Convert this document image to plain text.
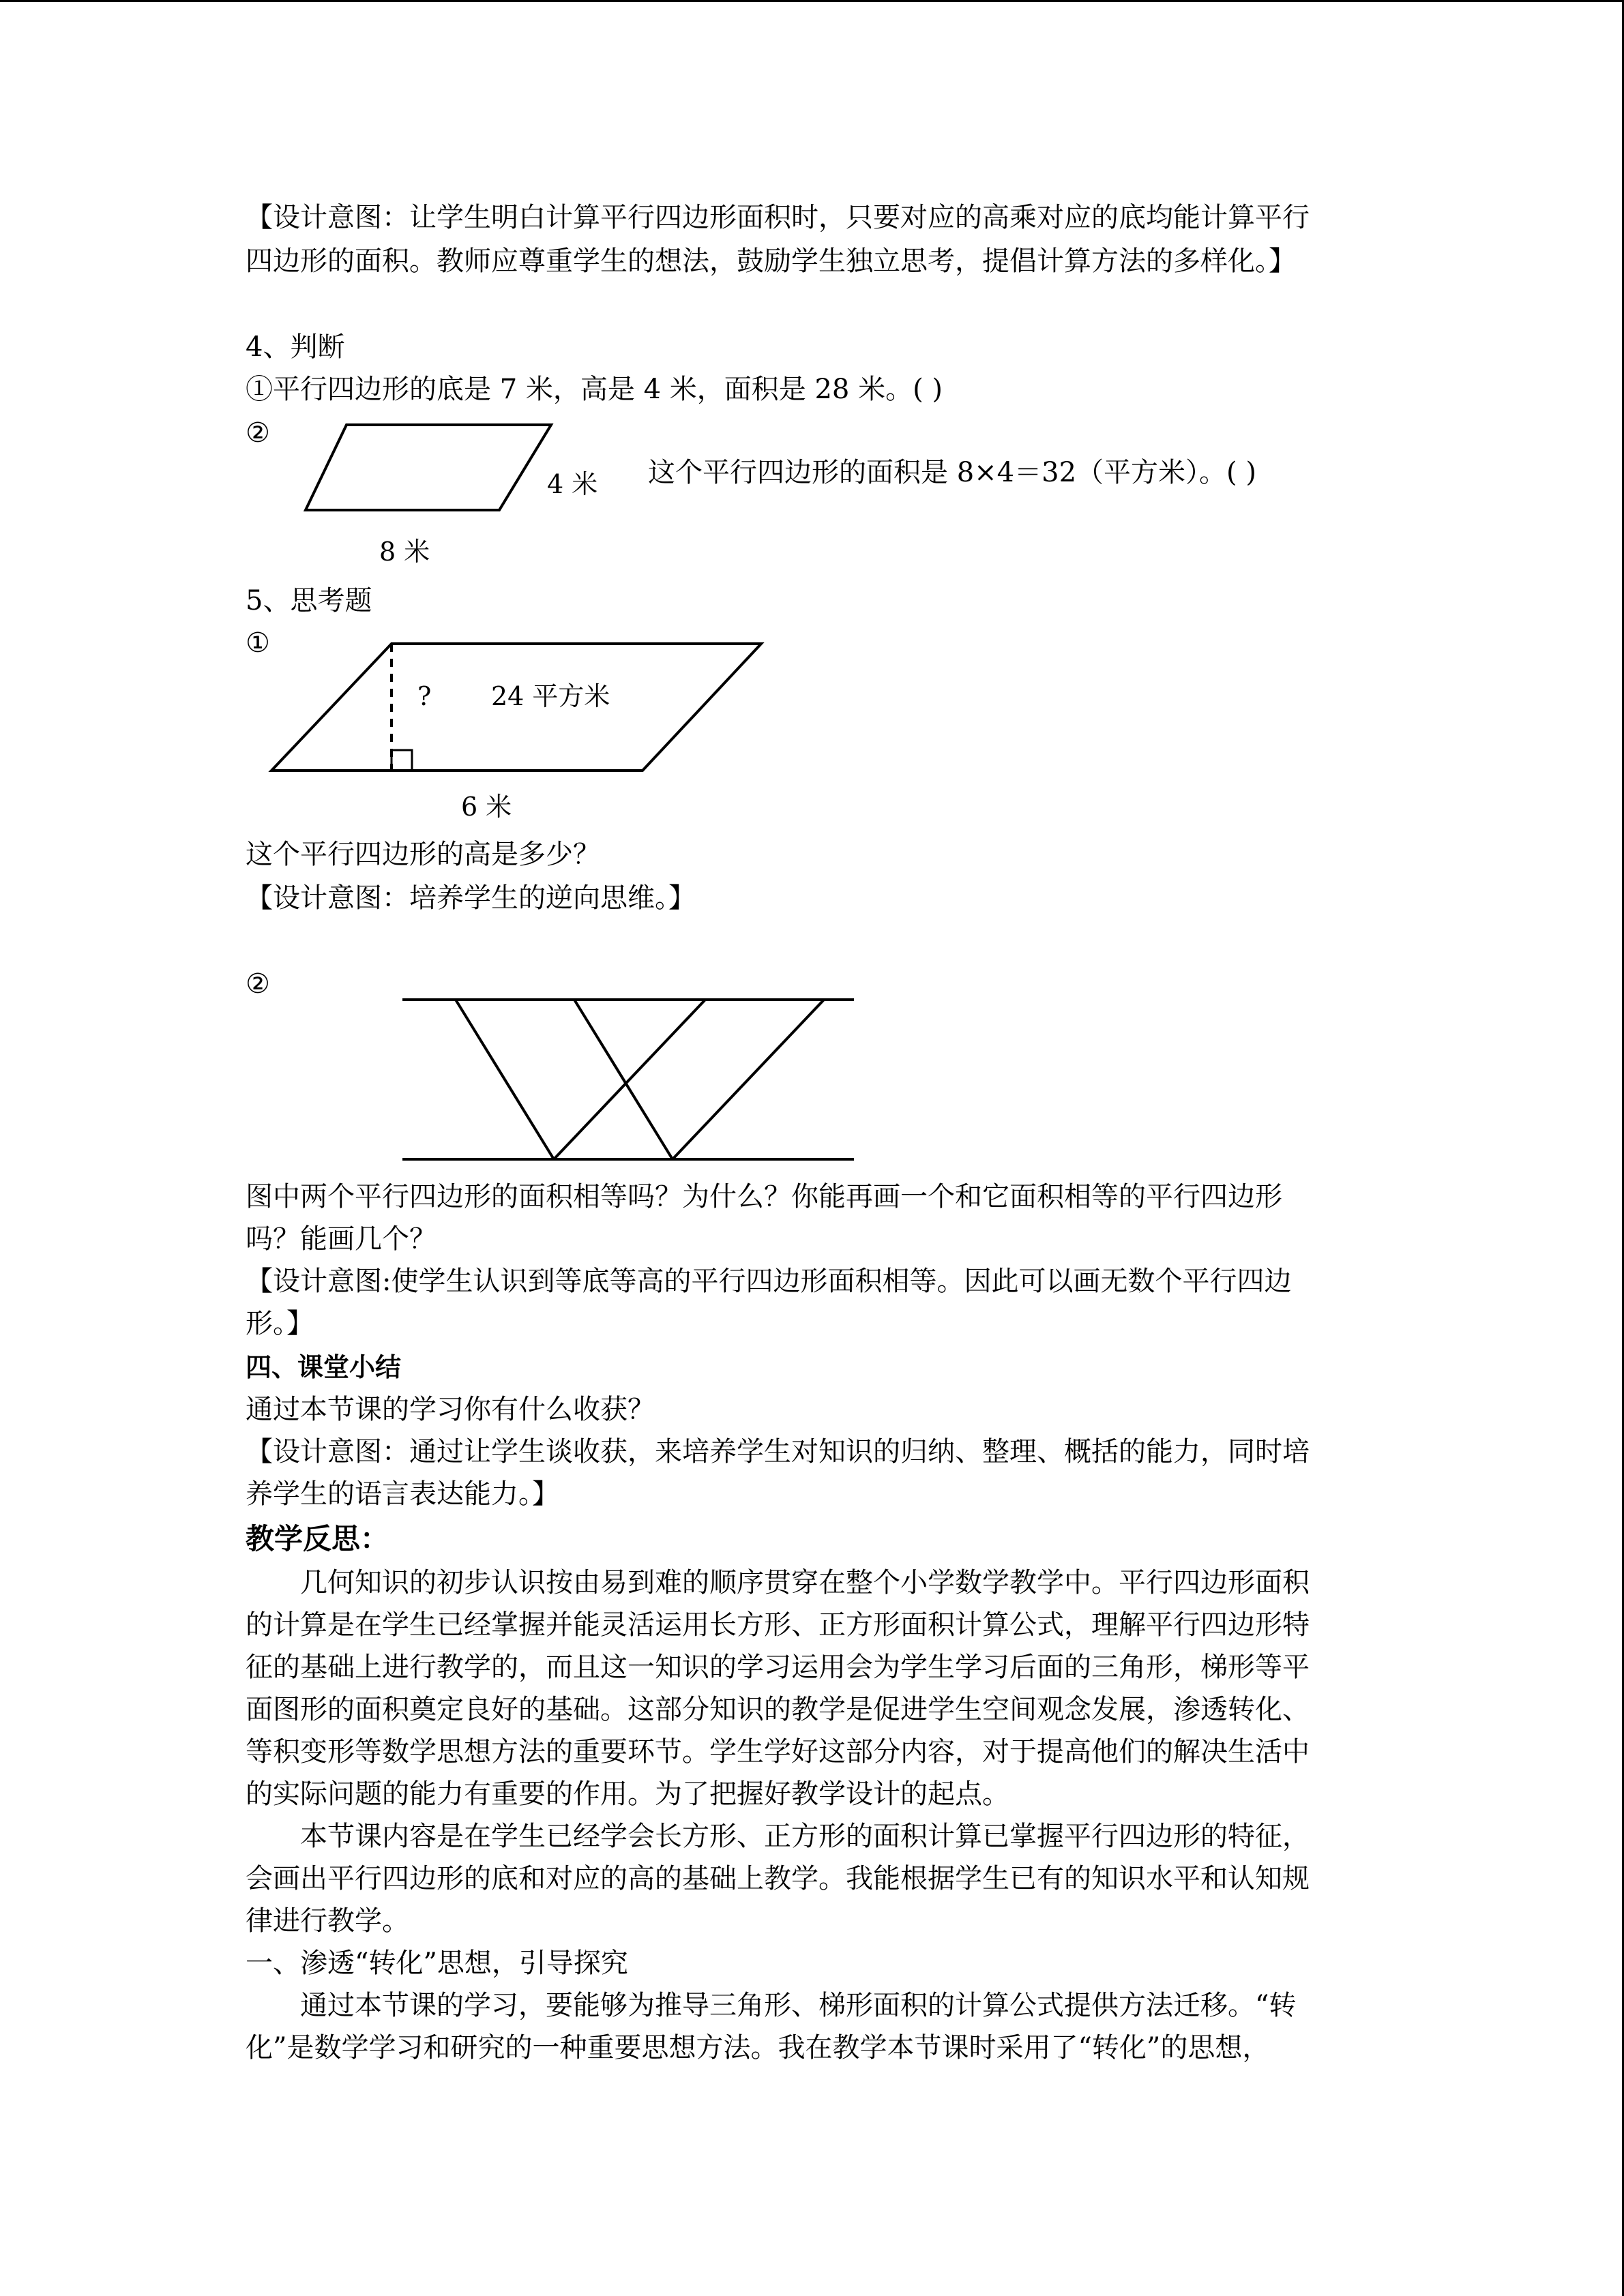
【设计意图：让学生明白计算平行四边形面积时，只要对应的高乘对应的底均能计算平行

四边形的面积。教师应尊重学生的想法，鼓励学生独立思考，提倡计算方法的多样化。】

4、判断

①平行四边形的底是 7 米，高是 4 米，面积是 28 米。( )

②

4 米
8 米

这个平行四边形的面积是 8×4＝32（平方米）。( )

5、思考题

①

? 24 平方米
6 米

这个平行四边形的高是多少？

【设计意图：培养学生的逆向思维。】

②

图中两个平行四边形的面积相等吗？为什么？你能再画一个和它面积相等的平行四边形

吗？能画几个？

【设计意图:使学生认识到等底等高的平行四边形面积相等。因此可以画无数个平行四边

形。】

四、课堂小结

通过本节课的学习你有什么收获？

【设计意图：通过让学生谈收获，来培养学生对知识的归纳、整理、概括的能力，同时培

养学生的语言表达能力。】

教学反思：

几何知识的初步认识按由易到难的顺序贯穿在整个小学数学教学中。平行四边形面积

的计算是在学生已经掌握并能灵活运用长方形、正方形面积计算公式，理解平行四边形特

征的基础上进行教学的，而且这一知识的学习运用会为学生学习后面的三角形，梯形等平

面图形的面积奠定良好的基础。这部分知识的教学是促进学生空间观念发展，渗透转化、

等积变形等数学思想方法的重要环节。学生学好这部分内容，对于提高他们的解决生活中

的实际问题的能力有重要的作用。为了把握好教学设计的起点。

本节课内容是在学生已经学会长方形、正方形的面积计算已掌握平行四边形的特征，

会画出平行四边形的底和对应的高的基础上教学。我能根据学生已有的知识水平和认知规

律进行教学。

一、渗透“转化”思想，引导探究

通过本节课的学习，要能够为推导三角形、梯形面积的计算公式提供方法迁移。“转

化”是数学学习和研究的一种重要思想方法。我在教学本节课时采用了“转化”的思想，
